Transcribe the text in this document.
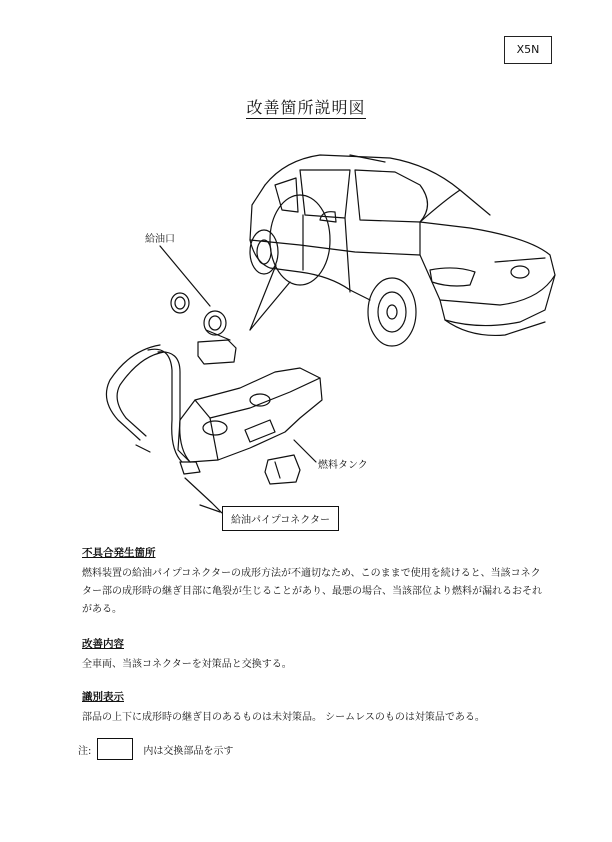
X5N
改善箇所説明図
給油口
燃料タンク
給油パイプコネクター
不具合発生箇所
燃料装置の給油パイプコネクターの成形方法が不適切なため、このままで使用を続けると、当該コネク
ター部の成形時の継ぎ目部に亀裂が生じることがあり、最悪の場合、当該部位より燃料が漏れるおそれ
がある。
改善内容
全車両、当該コネクターを対策品と交換する。
識別表示
部品の上下に成形時の継ぎ目のあるものは未対策品。 シームレスのものは対策品である。
注:	内は交換部品を示す
